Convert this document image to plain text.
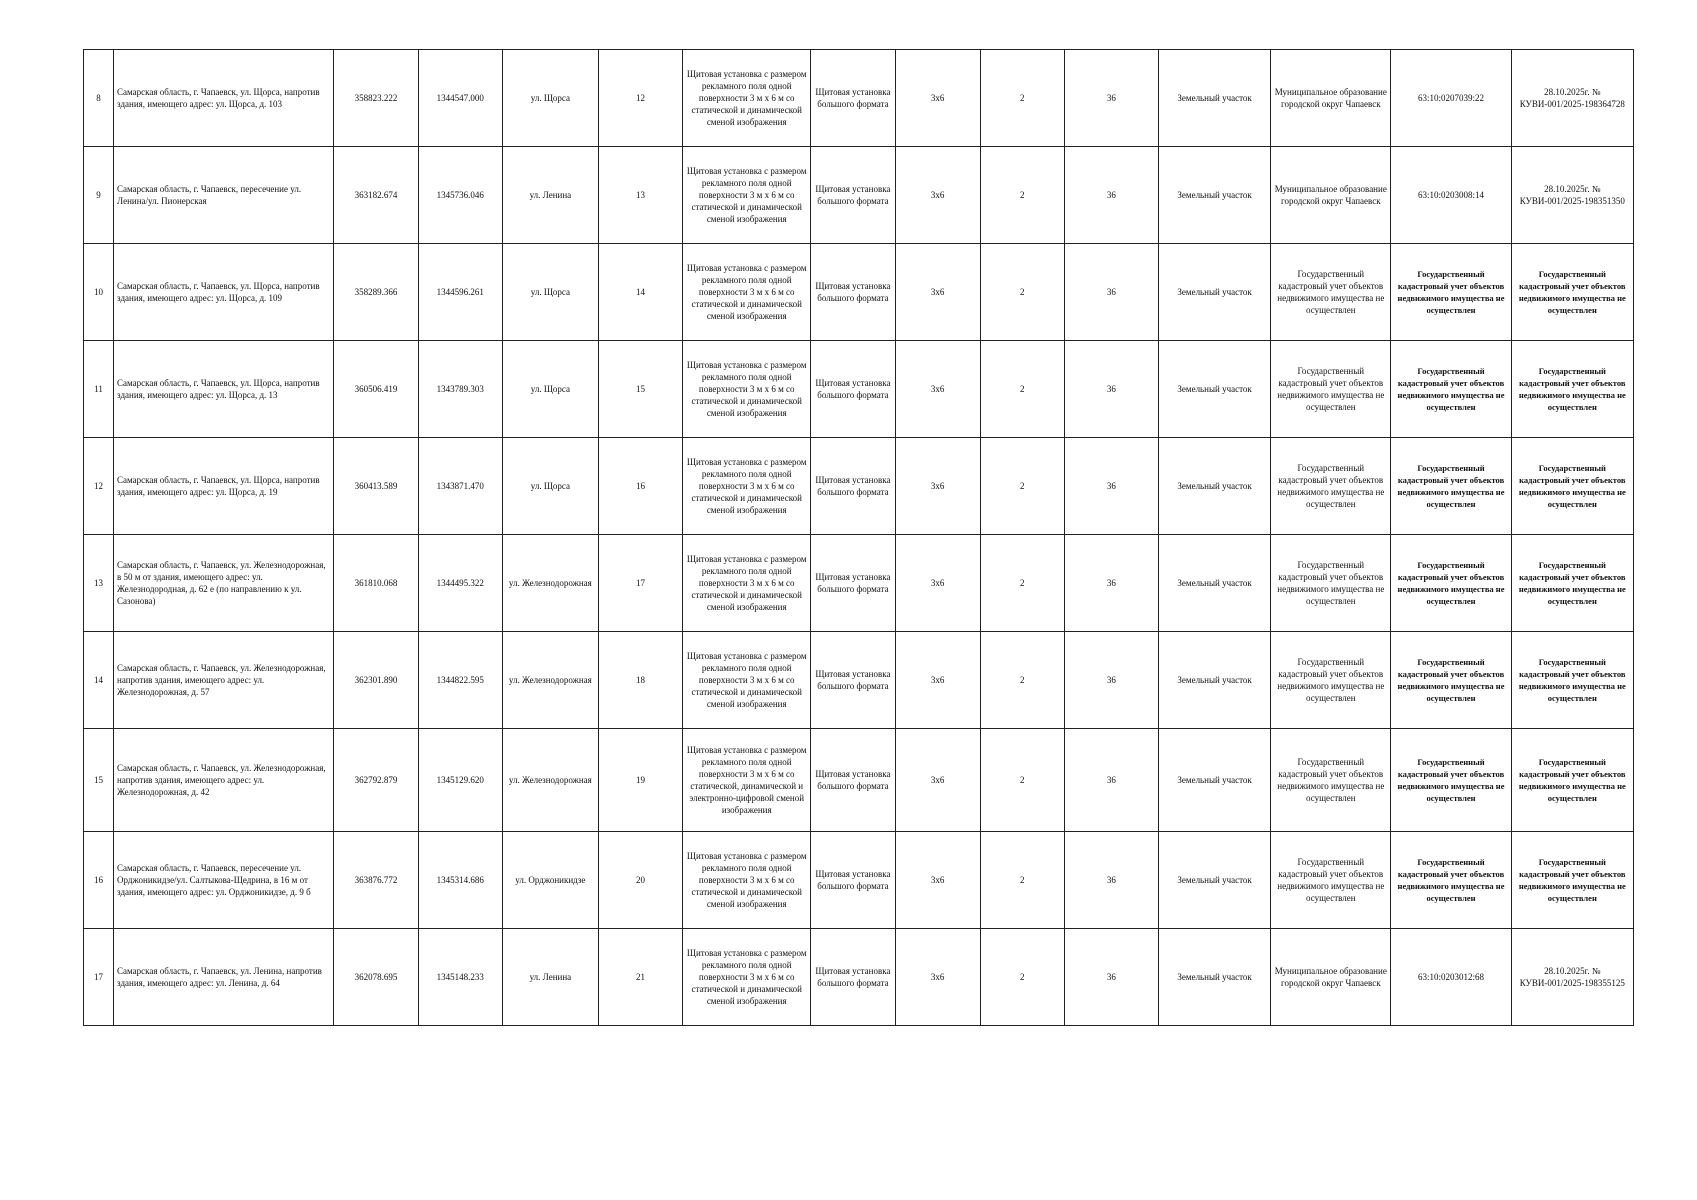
8	Самарская область, г. Чапаевск, ул. Щорса, напротив здания, имеющего адрес: ул. Щорса, д. 103	358823.222	1344547.000	ул. Щорса	12	Щитовая установка с размером рекламного поля одной поверхности 3 м х 6 м со статической и динамической сменой изображения	Щитовая установка большого формата	3х6	2	36	Земельный участок	Муниципальное образование городской округ Чапаевск	63:10:0207039:22	28.10.2025г. № КУВИ-001/2025-198364728
9	Самарская область, г. Чапаевск, пересечение ул. Ленина/ул. Пионерская	363182.674	1345736.046	ул. Ленина	13	Щитовая установка с размером рекламного поля одной поверхности 3 м х 6 м со статической и динамической сменой изображения	Щитовая установка большого формата	3х6	2	36	Земельный участок	Муниципальное образование городской округ Чапаевск	63:10:0203008:14	28.10.2025г. № КУВИ-001/2025-198351350
10	Самарская область, г. Чапаевск, ул. Щорса, напротив здания, имеющего адрес: ул. Щорса, д. 109	358289.366	1344596.261	ул. Щорса	14	Щитовая установка с размером рекламного поля одной поверхности 3 м х 6 м со статической и динамической сменой изображения	Щитовая установка большого формата	3х6	2	36	Земельный участок	Государственный кадастровый учет объектов недвижимого имущества не осуществлен	Государственный кадастровый учет объектов недвижимого имущества не осуществлен	Государственный кадастровый учет объектов недвижимого имущества не осуществлен
11	Самарская область, г. Чапаевск, ул. Щорса, напротив здания, имеющего адрес: ул. Щорса, д. 13	360506.419	1343789.303	ул. Щорса	15	Щитовая установка с размером рекламного поля одной поверхности 3 м х 6 м со статической и динамической сменой изображения	Щитовая установка большого формата	3х6	2	36	Земельный участок	Государственный кадастровый учет объектов недвижимого имущества не осуществлен	Государственный кадастровый учет объектов недвижимого имущества не осуществлен	Государственный кадастровый учет объектов недвижимого имущества не осуществлен
12	Самарская область, г. Чапаевск, ул. Щорса, напротив здания, имеющего адрес: ул. Щорса, д. 19	360413.589	1343871.470	ул. Щорса	16	Щитовая установка с размером рекламного поля одной поверхности 3 м х 6 м со статической и динамической сменой изображения	Щитовая установка большого формата	3х6	2	36	Земельный участок	Государственный кадастровый учет объектов недвижимого имущества не осуществлен	Государственный кадастровый учет объектов недвижимого имущества не осуществлен	Государственный кадастровый учет объектов недвижимого имущества не осуществлен
13	Самарская область, г. Чапаевск, ул. Железнодорожная, в 50 м от здания, имеющего адрес: ул. Железнодородная, д. 62 е (по направлению к ул. Сазонова)	361810.068	1344495.322	ул. Железнодорожная	17	Щитовая установка с размером рекламного поля одной поверхности 3 м х 6 м со статической и динамической сменой изображения	Щитовая установка большого формата	3х6	2	36	Земельный участок	Государственный кадастровый учет объектов недвижимого имущества не осуществлен	Государственный кадастровый учет объектов недвижимого имущества не осуществлен	Государственный кадастровый учет объектов недвижимого имущества не осуществлен
14	Самарская область, г. Чапаевск, ул. Железнодорожная, напротив здания, имеющего адрес: ул. Железнодорожная, д. 57	362301.890	1344822.595	ул. Железнодорожная	18	Щитовая установка с размером рекламного поля одной поверхности 3 м х 6 м со статической и динамической сменой изображения	Щитовая установка большого формата	3х6	2	36	Земельный участок	Государственный кадастровый учет объектов недвижимого имущества не осуществлен	Государственный кадастровый учет объектов недвижимого имущества не осуществлен	Государственный кадастровый учет объектов недвижимого имущества не осуществлен
15	Самарская область, г. Чапаевск, ул. Железнодорожная, напротив здания, имеющего адрес: ул. Железнодорожная, д. 42	362792.879	1345129.620	ул. Железнодорожная	19	Щитовая установка с размером рекламного поля одной поверхности 3 м х 6 м со статической, динамической и электронно-цифровой сменой изображения	Щитовая установка большого формата	3х6	2	36	Земельный участок	Государственный кадастровый учет объектов недвижимого имущества не осуществлен	Государственный кадастровый учет объектов недвижимого имущества не осуществлен	Государственный кадастровый учет объектов недвижимого имущества не осуществлен
16	Самарская область, г. Чапаевск, пересечение ул. Орджоникидзе/ул. Салтыкова-Щедрина, в 16 м от здания, имеющего адрес: ул. Орджоникидзе, д. 9 б	363876.772	1345314.686	ул. Орджоникидзе	20	Щитовая установка с размером рекламного поля одной поверхности 3 м х 6 м со статической и динамической сменой изображения	Щитовая установка большого формата	3х6	2	36	Земельный участок	Государственный кадастровый учет объектов недвижимого имущества не осуществлен	Государственный кадастровый учет объектов недвижимого имущества не осуществлен	Государственный кадастровый учет объектов недвижимого имущества не осуществлен
17	Самарская область, г. Чапаевск, ул. Ленина, напротив здания, имеющего адрес: ул. Ленина, д. 64	362078.695	1345148.233	ул. Ленина	21	Щитовая установка с размером рекламного поля одной поверхности 3 м х 6 м со статической и динамической сменой изображения	Щитовая установка большого формата	3х6	2	36	Земельный участок	Муниципальное образование городской округ Чапаевск	63:10:0203012:68	28.10.2025г. № КУВИ-001/2025-198355125
